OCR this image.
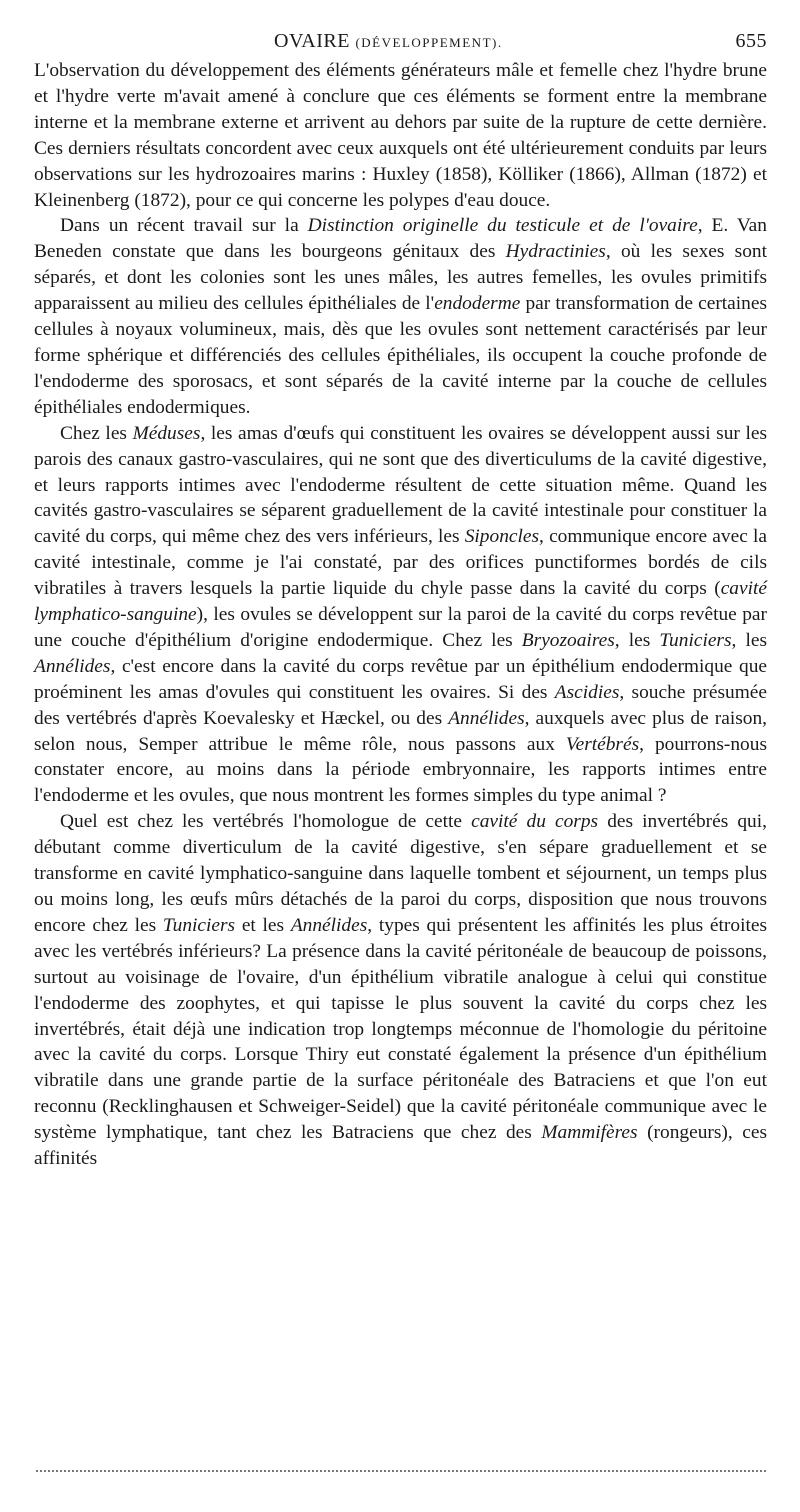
OVAIRE (DÉVELOPPEMENT).	655

L'observation du développement des éléments générateurs mâle et femelle chez l'hydre brune et l'hydre verte m'avait amené à conclure que ces éléments se forment entre la membrane interne et la membrane externe et arrivent au dehors par suite de la rupture de cette dernière. Ces derniers résultats concordent avec ceux auxquels ont été ultérieurement conduits par leurs observations sur les hydrozoaires marins : Huxley (1858), Kölliker (1866), Allman (1872) et Kleinenberg (1872), pour ce qui concerne les polypes d'eau douce.

Dans un récent travail sur la Distinction originelle du testicule et de l'ovaire, E. Van Beneden constate que dans les bourgeons génitaux des Hydractinies, où les sexes sont séparés, et dont les colonies sont les unes mâles, les autres femelles, les ovules primitifs apparaissent au milieu des cellules épithéliales de l'endoderme par transformation de certaines cellules à noyaux volumineux, mais, dès que les ovules sont nettement caractérisés par leur forme sphérique et différenciés des cellules épithéliales, ils occupent la couche profonde de l'endoderme des sporosacs, et sont séparés de la cavité interne par la couche de cellules épithéliales endodermiques.

Chez les Méduses, les amas d'œufs qui constituent les ovaires se développent aussi sur les parois des canaux gastro-vasculaires, qui ne sont que des diverticulums de la cavité digestive, et leurs rapports intimes avec l'endoderme résultent de cette situation même. Quand les cavités gastro-vasculaires se séparent graduellement de la cavité intestinale pour constituer la cavité du corps, qui même chez des vers inférieurs, les Siponcles, communique encore avec la cavité intestinale, comme je l'ai constaté, par des orifices punctiformes bordés de cils vibratiles à travers lesquels la partie liquide du chyle passe dans la cavité du corps (cavité lymphatico-sanguine), les ovules se développent sur la paroi de la cavité du corps revêtue par une couche d'épithélium d'origine endodermique. Chez les Bryozoaires, les Tuniciers, les Annélides, c'est encore dans la cavité du corps revêtue par un épithélium endodermique que proéminent les amas d'ovules qui constituent les ovaires. Si des Ascidies, souche présumée des vertébrés d'après Koevalesky et Hæckel, ou des Annélides, auxquels avec plus de raison, selon nous, Semper attribue le même rôle, nous passons aux Vertébrés, pourrons-nous constater encore, au moins dans la période embryonnaire, les rapports intimes entre l'endoderme et les ovules, que nous montrent les formes simples du type animal ?

Quel est chez les vertébrés l'homologue de cette cavité du corps des invertébrés qui, débutant comme diverticulum de la cavité digestive, s'en sépare graduellement et se transforme en cavité lymphatico-sanguine dans laquelle tombent et séjournent, un temps plus ou moins long, les œufs mûrs détachés de la paroi du corps, disposition que nous trouvons encore chez les Tuniciers et les Annélides, types qui présentent les affinités les plus étroites avec les vertébrés inférieurs? La présence dans la cavité péritonéale de beaucoup de poissons, surtout au voisinage de l'ovaire, d'un épithélium vibratile analogue à celui qui constitue l'endoderme des zoophytes, et qui tapisse le plus souvent la cavité du corps chez les invertébrés, était déjà une indication trop longtemps méconnue de l'homologie du péritoine avec la cavité du corps. Lorsque Thiry eut constaté également la présence d'un épithélium vibratile dans une grande partie de la surface péritonéale des Batraciens et que l'on eut reconnu (Recklinghausen et Schweiger-Seidel) que la cavité péritonéale communique avec le système lymphatique, tant chez les Batraciens que chez des Mammifères (rongeurs), ces affinités
